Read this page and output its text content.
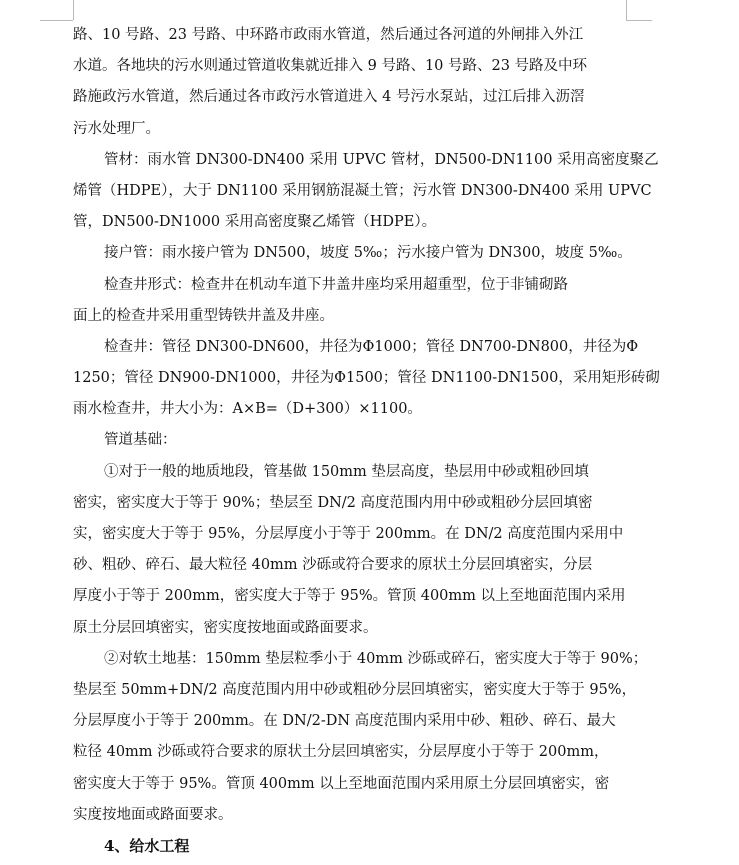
路、10 号路、23 号路、中环路市政雨水管道，然后通过各河道的外闸排入外江
水道。各地块的污水则通过管道收集就近排入 9 号路、10 号路、23 号路及中环
路施政污水管道，然后通过各市政污水管道进入 4 号污水泵站，过江后排入沥滘
污水处理厂。
管材：雨水管 DN300-DN400 采用 UPVC 管材，DN500-DN1100 采用高密度聚乙
烯管（HDPE），大于 DN1100 采用钢筋混凝土管；污水管 DN300-DN400 采用 UPVC
管，DN500-DN1000 采用高密度聚乙烯管（HDPE）。
接户管：雨水接户管为 DN500，坡度 5‰；污水接户管为 DN300，坡度 5‰。
检查井形式：检查井在机动车道下井盖井座均采用超重型，位于非铺砌路
面上的检查井采用重型铸铁井盖及井座。
检查井：管径 DN300-DN600，井径为Φ1000；管径 DN700-DN800，井径为Φ
1250；管径 DN900-DN1000，井径为Φ1500；管径 DN1100-DN1500，采用矩形砖砌
雨水检查井，井大小为：A×B=（D+300）×1100。
管道基础：
①对于一般的地质地段，管基做 150mm 垫层高度，垫层用中砂或粗砂回填
密实，密实度大于等于 90%；垫层至 DN/2 高度范围内用中砂或粗砂分层回填密
实，密实度大于等于 95%，分层厚度小于等于 200mm。在 DN/2 高度范围内采用中
砂、粗砂、碎石、最大粒径 40mm 沙砾或符合要求的原状土分层回填密实，分层
厚度小于等于 200mm，密实度大于等于 95%。管顶 400mm 以上至地面范围内采用
原土分层回填密实，密实度按地面或路面要求。
②对软土地基：150mm 垫层粒季小于 40mm 沙砾或碎石，密实度大于等于 90%；
垫层至 50mm+DN/2 高度范围内用中砂或粗砂分层回填密实，密实度大于等于 95%，
分层厚度小于等于 200mm。在 DN/2-DN 高度范围内采用中砂、粗砂、碎石、最大
粒径 40mm 沙砾或符合要求的原状土分层回填密实，分层厚度小于等于 200mm，
密实度大于等于 95%。管顶 400mm 以上至地面范围内采用原土分层回填密实，密
实度按地面或路面要求。
4、给水工程
